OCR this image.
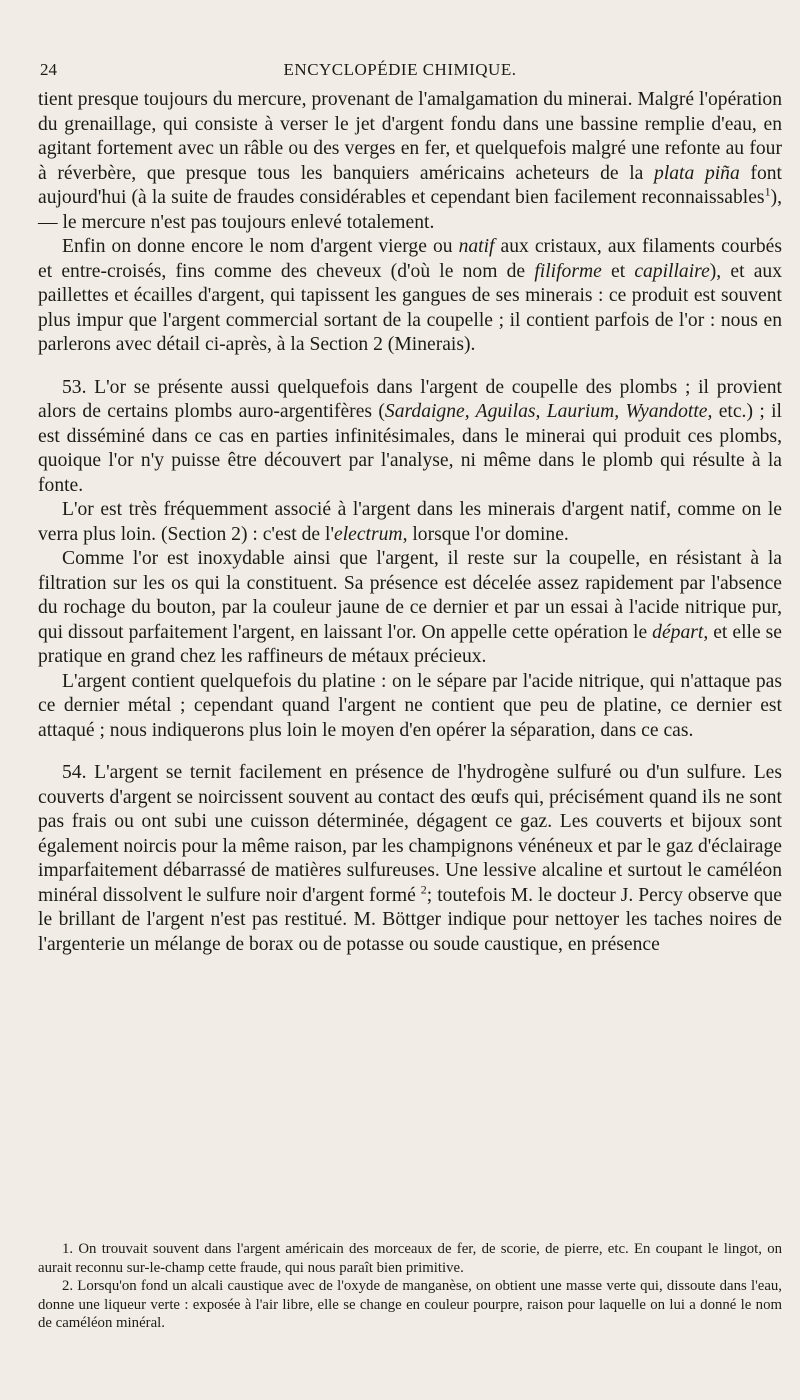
24	ENCYCLOPÉDIE CHIMIQUE.

tient presque toujours du mercure, provenant de l'amalgamation du minerai. Malgré l'opération du grenaillage, qui consiste à verser le jet d'argent fondu dans une bassine remplie d'eau, en agitant fortement avec un râble ou des verges en fer, et quelquefois malgré une refonte au four à réverbère, que presque tous les banquiers américains acheteurs de la plata piña font aujourd'hui (à la suite de fraudes considérables et cependant bien facilement reconnaissables$^1$), — le mercure n'est pas toujours enlevé totalement.

Enfin on donne encore le nom d'argent vierge ou natif aux cristaux, aux filaments courbés et entre-croisés, fins comme des cheveux (d'où le nom de filiforme et capillaire), et aux paillettes et écailles d'argent, qui tapissent les gangues de ses minerais : ce produit est souvent plus impur que l'argent commercial sortant de la coupelle ; il contient parfois de l'or : nous en parlerons avec détail ci-après, à la Section 2 (Minerais).

53. L'or se présente aussi quelquefois dans l'argent de coupelle des plombs ; il provient alors de certains plombs auro-argentifères (Sardaigne, Aguilas, Laurium, Wyandotte, etc.) ; il est disséminé dans ce cas en parties infinitésimales, dans le minerai qui produit ces plombs, quoique l'or n'y puisse être découvert par l'analyse, ni même dans le plomb qui résulte à la fonte.

L'or est très fréquemment associé à l'argent dans les minerais d'argent natif, comme on le verra plus loin. (Section 2) : c'est de l'electrum, lorsque l'or domine.

Comme l'or est inoxydable ainsi que l'argent, il reste sur la coupelle, en résistant à la filtration sur les os qui la constituent. Sa présence est décelée assez rapidement par l'absence du rochage du bouton, par la couleur jaune de ce dernier et par un essai à l'acide nitrique pur, qui dissout parfaitement l'argent, en laissant l'or. On appelle cette opération le départ, et elle se pratique en grand chez les raffineurs de métaux précieux.

L'argent contient quelquefois du platine : on le sépare par l'acide nitrique, qui n'attaque pas ce dernier métal ; cependant quand l'argent ne contient que peu de platine, ce dernier est attaqué ; nous indiquerons plus loin le moyen d'en opérer la séparation, dans ce cas.

54. L'argent se ternit facilement en présence de l'hydrogène sulfuré ou d'un sulfure. Les couverts d'argent se noircissent souvent au contact des œufs qui, précisément quand ils ne sont pas frais ou ont subi une cuisson déterminée, dégagent ce gaz. Les couverts et bijoux sont également noircis pour la même raison, par les champignons vénéneux et par le gaz d'éclairage imparfaitement débarrassé de matières sulfureuses. Une lessive alcaline et surtout le caméléon minéral dissolvent le sulfure noir d'argent formé $^2$; toutefois M. le docteur J. Percy observe que le brillant de l'argent n'est pas restitué. M. Böttger indique pour nettoyer les taches noires de l'argenterie un mélange de borax ou de potasse ou soude caustique, en présence

1. On trouvait souvent dans l'argent américain des morceaux de fer, de scorie, de pierre, etc. En coupant le lingot, on aurait reconnu sur-le-champ cette fraude, qui nous paraît bien primitive.

2. Lorsqu'on fond un alcali caustique avec de l'oxyde de manganèse, on obtient une masse verte qui, dissoute dans l'eau, donne une liqueur verte : exposée à l'air libre, elle se change en couleur pourpre, raison pour laquelle on lui a donné le nom de caméléon minéral.
